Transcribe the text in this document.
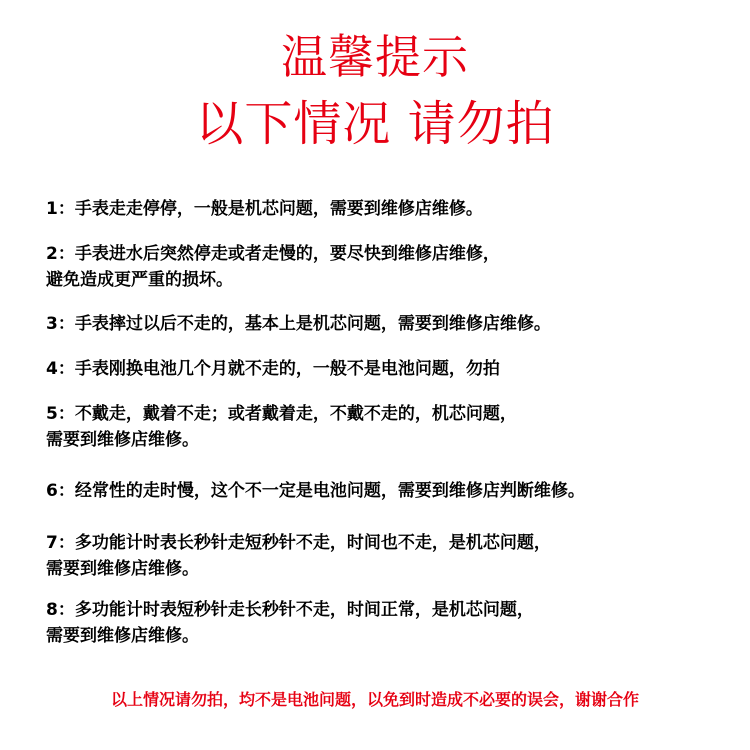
温馨提示
以下情况 请勿拍
1：手表走走停停，一般是机芯问题，需要到维修店维修。
2：手表进水后突然停走或者走慢的，要尽快到维修店维修，
避免造成更严重的损坏。
3：手表摔过以后不走的，基本上是机芯问题，需要到维修店维修。
4：手表刚换电池几个月就不走的，一般不是电池问题，勿拍
5：不戴走，戴着不走；或者戴着走，不戴不走的，机芯问题，
需要到维修店维修。
6：经常性的走时慢，这个不一定是电池问题，需要到维修店判断维修。
7：多功能计时表长秒针走短秒针不走，时间也不走，是机芯问题，
需要到维修店维修。
8：多功能计时表短秒针走长秒针不走，时间正常，是机芯问题，
需要到维修店维修。
以上情况请勿拍，均不是电池问题，以免到时造成不必要的误会，谢谢合作
